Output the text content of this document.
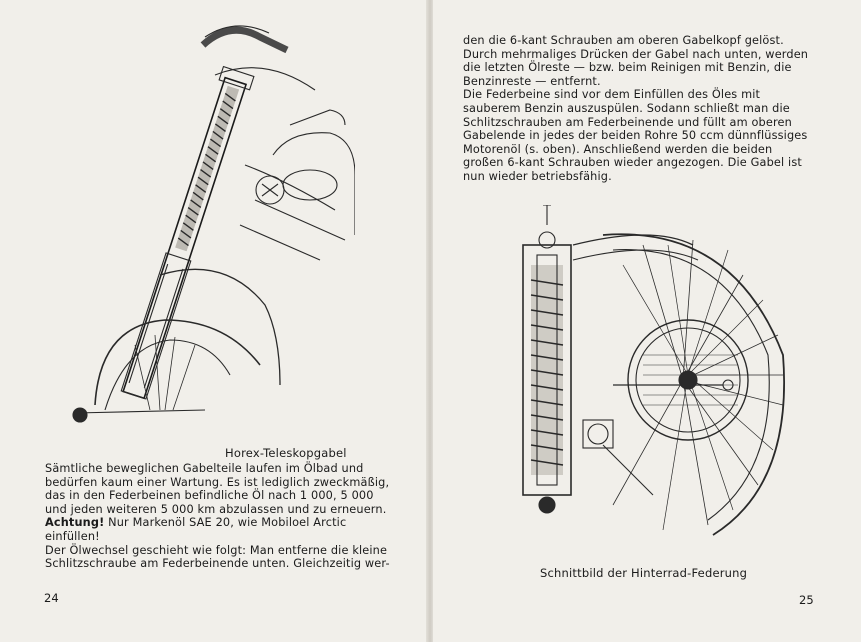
Horex-Teleskopgabel

Sämtliche beweglichen Gabelteile laufen im Ölbad und bedürfen kaum einer Wartung. Es ist lediglich zweckmäßig, das in den Federbeinen befindliche Öl nach 1 000, 5 000 und jeden weiteren 5 000 km abzulassen und zu erneuern.

Achtung! Nur Markenöl SAE 20, wie Mobiloel Arctic einfüllen!

Der Ölwechsel geschieht wie folgt: Man entferne die kleine Schlitzschraube am Federbeinende unten. Gleichzeitig wer-

24

den die 6-kant Schrauben am oberen Gabelkopf gelöst. Durch mehrmaliges Drücken der Gabel nach unten, werden die letzten Ölreste — bzw. beim Reinigen mit Benzin, die Benzinreste — entfernt.

Die Federbeine sind vor dem Einfüllen des Öles mit sauberem Benzin auszuspülen. Sodann schließt man die Schlitzschrauben am Federbeinende und füllt am oberen Gabelende in jedes der beiden Rohre 50 ccm dünnflüssiges Motorenöl (s. oben). Anschließend werden die beiden großen 6-kant Schrauben wieder angezogen. Die Gabel ist nun wieder betriebsfähig.

Schnittbild der Hinterrad-Federung
25
